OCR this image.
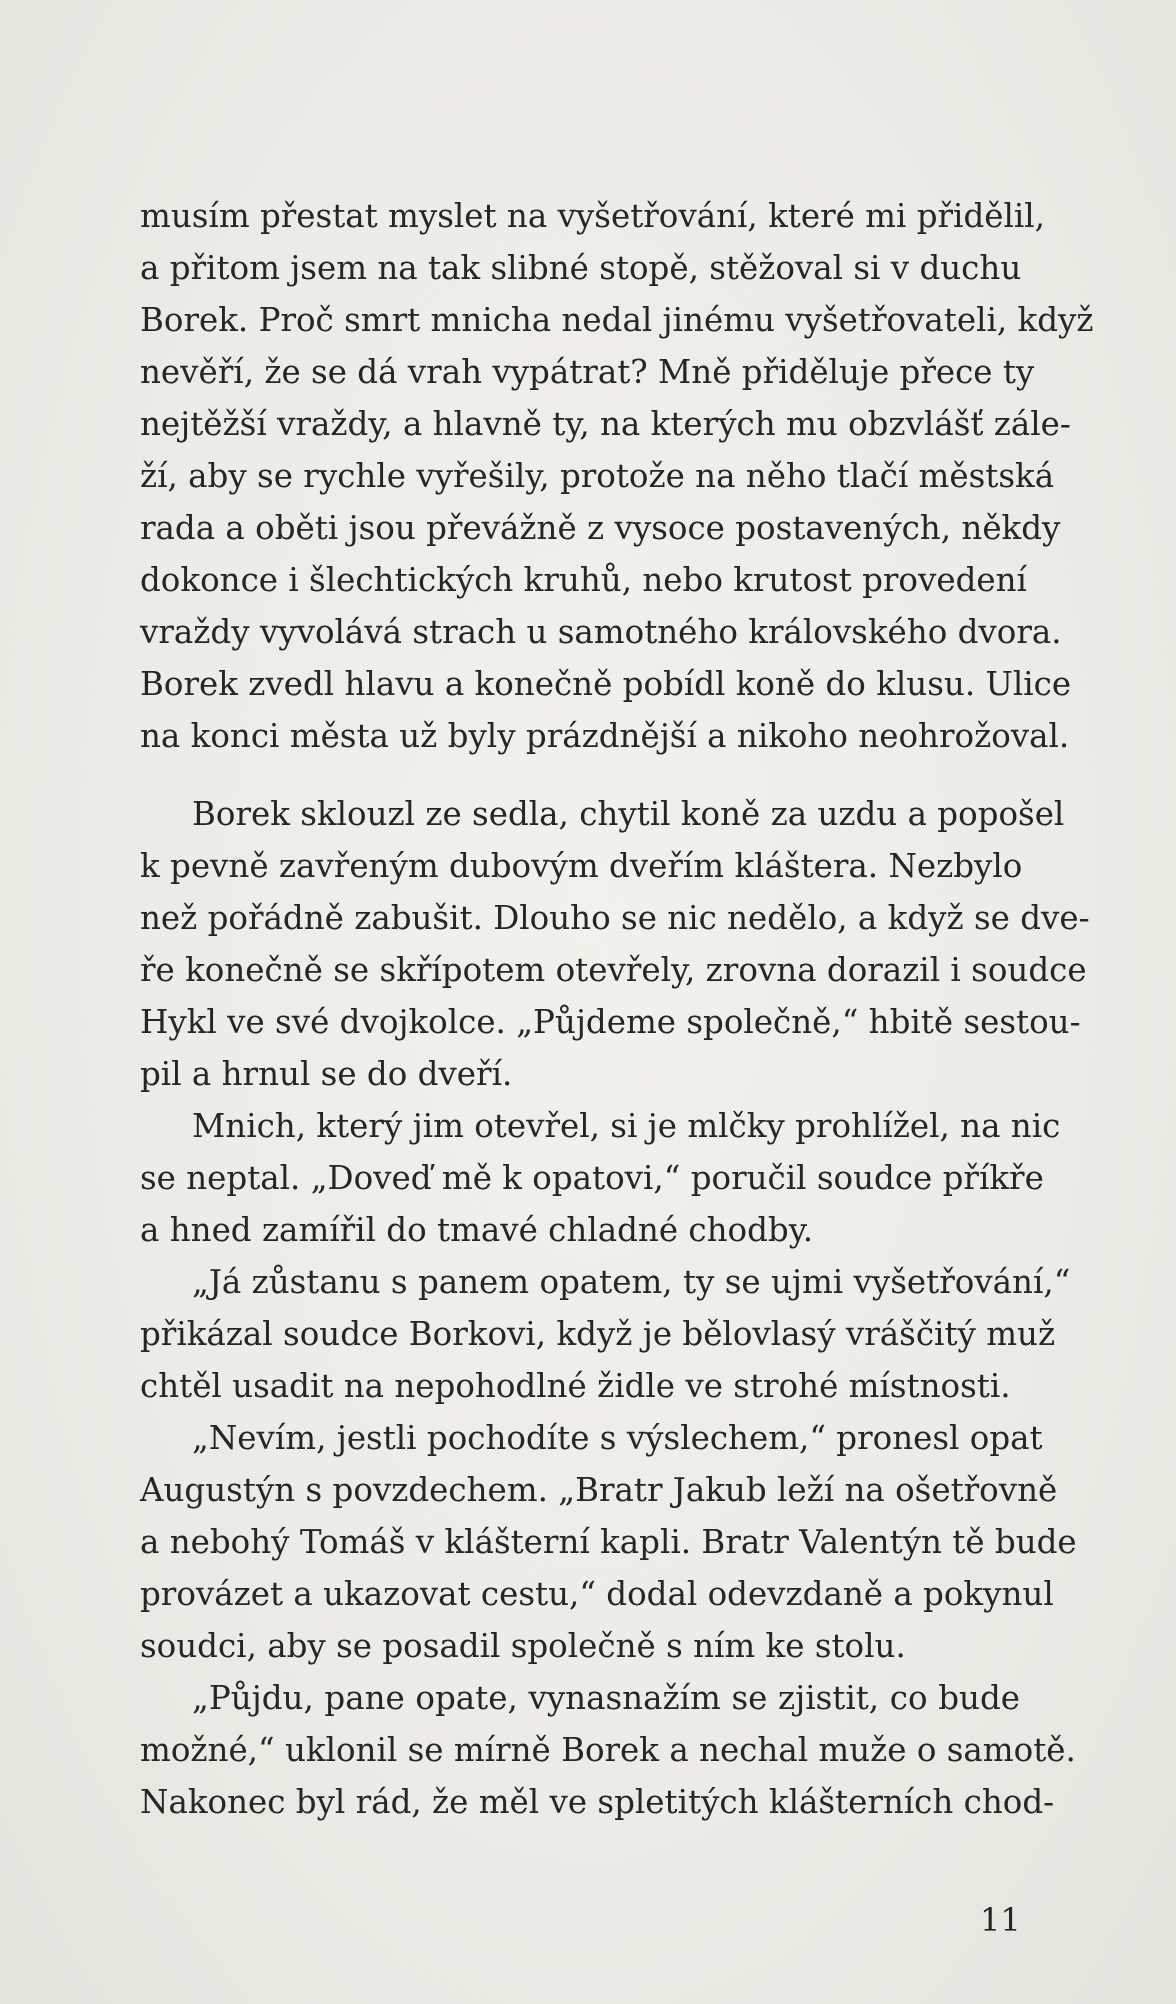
musím přestat myslet na vyšetřování, které mi přidělil,
a přitom jsem na tak slibné stopě, stěžoval si v duchu
Borek. Proč smrt mnicha nedal jinému vyšetřovateli, když
nevěří, že se dá vrah vypátrat? Mně přiděluje přece ty
nejtěžší vraždy, a hlavně ty, na kterých mu obzvlášť zále-
ží, aby se rychle vyřešily, protože na něho tlačí městská
rada a oběti jsou převážně z vysoce postavených, někdy
dokonce i šlechtických kruhů, nebo krutost provedení
vraždy vyvolává strach u samotného královského dvora.
Borek zvedl hlavu a konečně pobídl koně do klusu. Ulice
na konci města už byly prázdnější a nikoho neohrožoval.
Borek sklouzl ze sedla, chytil koně za uzdu a popošel
k pevně zavřeným dubovým dveřím kláštera. Nezbylo
než pořádně zabušit. Dlouho se nic nedělo, a když se dve-
ře konečně se skřípotem otevřely, zrovna dorazil i soudce
Hykl ve své dvojkolce. „Půjdeme společně,“ hbitě sestou-
pil a hrnul se do dveří.
Mnich, který jim otevřel, si je mlčky prohlížel, na nic
se neptal. „Doveď mě k opatovi,“ poručil soudce příkře
a hned zamířil do tmavé chladné chodby.
„Já zůstanu s panem opatem, ty se ujmi vyšetřování,“
přikázal soudce Borkovi, když je bělovlasý vráščitý muž
chtěl usadit na nepohodlné židle ve strohé místnosti.
„Nevím, jestli pochodíte s výslechem,“ pronesl opat
Augustýn s povzdechem. „Bratr Jakub leží na ošetřovně
a nebohý Tomáš v klášterní kapli. Bratr Valentýn tě bude
provázet a ukazovat cestu,“ dodal odevzdaně a pokynul
soudci, aby se posadil společně s ním ke stolu.
„Půjdu, pane opate, vynasnažím se zjistit, co bude
možné,“ uklonil se mírně Borek a nechal muže o samotě.
Nakonec byl rád, že měl ve spletitých klášterních chod-
11
